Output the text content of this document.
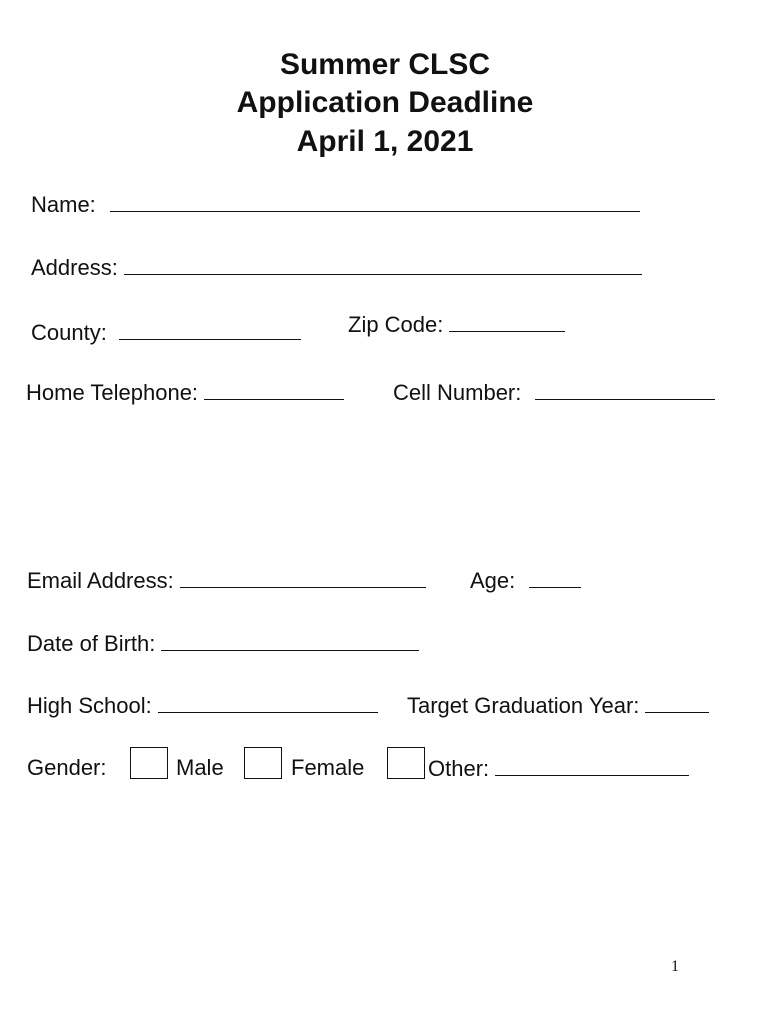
Summer CLSC
Application Deadline
April 1, 2021
Name:
Address:
County:	Zip Code:
Home Telephone:	Cell Number:
Email Address:	Age:
Date of Birth:
High School:	Target Graduation Year:
Gender:	Male	Female	Other:
1
